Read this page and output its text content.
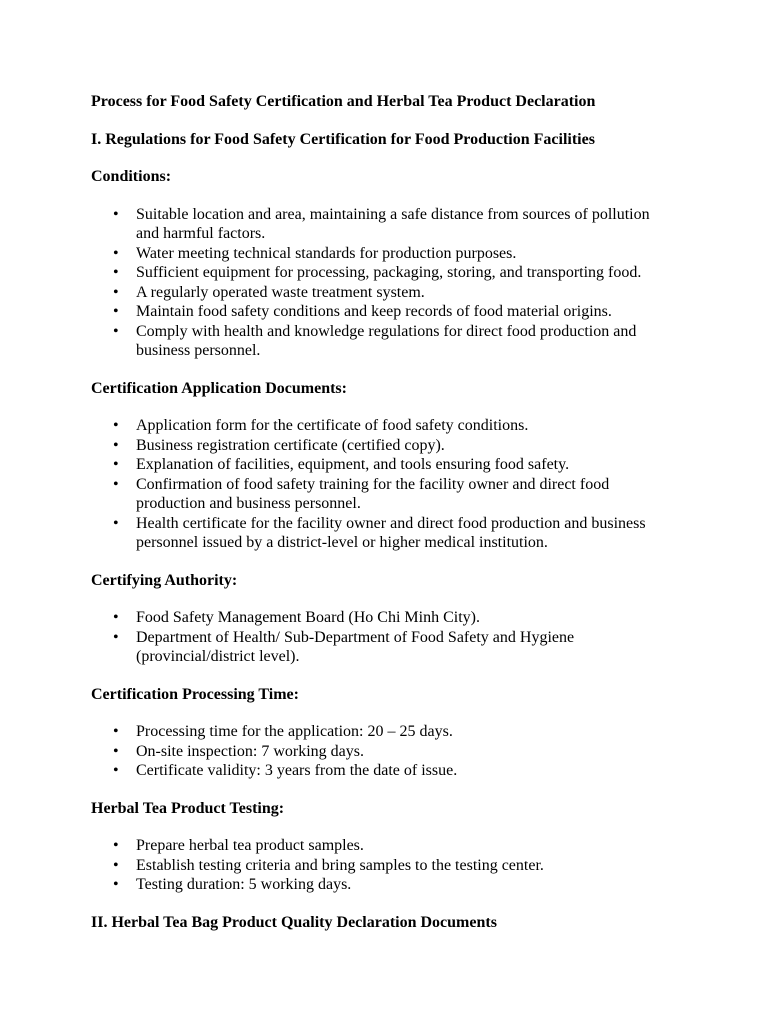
Process for Food Safety Certification and Herbal Tea Product Declaration

I. Regulations for Food Safety Certification for Food Production Facilities

Conditions:

• Suitable location and area, maintaining a safe distance from sources of pollution and harmful factors.
• Water meeting technical standards for production purposes.
• Sufficient equipment for processing, packaging, storing, and transporting food.
• A regularly operated waste treatment system.
• Maintain food safety conditions and keep records of food material origins.
• Comply with health and knowledge regulations for direct food production and business personnel.

Certification Application Documents:

• Application form for the certificate of food safety conditions.
• Business registration certificate (certified copy).
• Explanation of facilities, equipment, and tools ensuring food safety.
• Confirmation of food safety training for the facility owner and direct food production and business personnel.
• Health certificate for the facility owner and direct food production and business personnel issued by a district-level or higher medical institution.

Certifying Authority:

• Food Safety Management Board (Ho Chi Minh City).
• Department of Health/ Sub-Department of Food Safety and Hygiene (provincial/district level).

Certification Processing Time:

• Processing time for the application: 20 – 25 days.
• On-site inspection: 7 working days.
• Certificate validity: 3 years from the date of issue.

Herbal Tea Product Testing:

• Prepare herbal tea product samples.
• Establish testing criteria and bring samples to the testing center.
• Testing duration: 5 working days.

II. Herbal Tea Bag Product Quality Declaration Documents
